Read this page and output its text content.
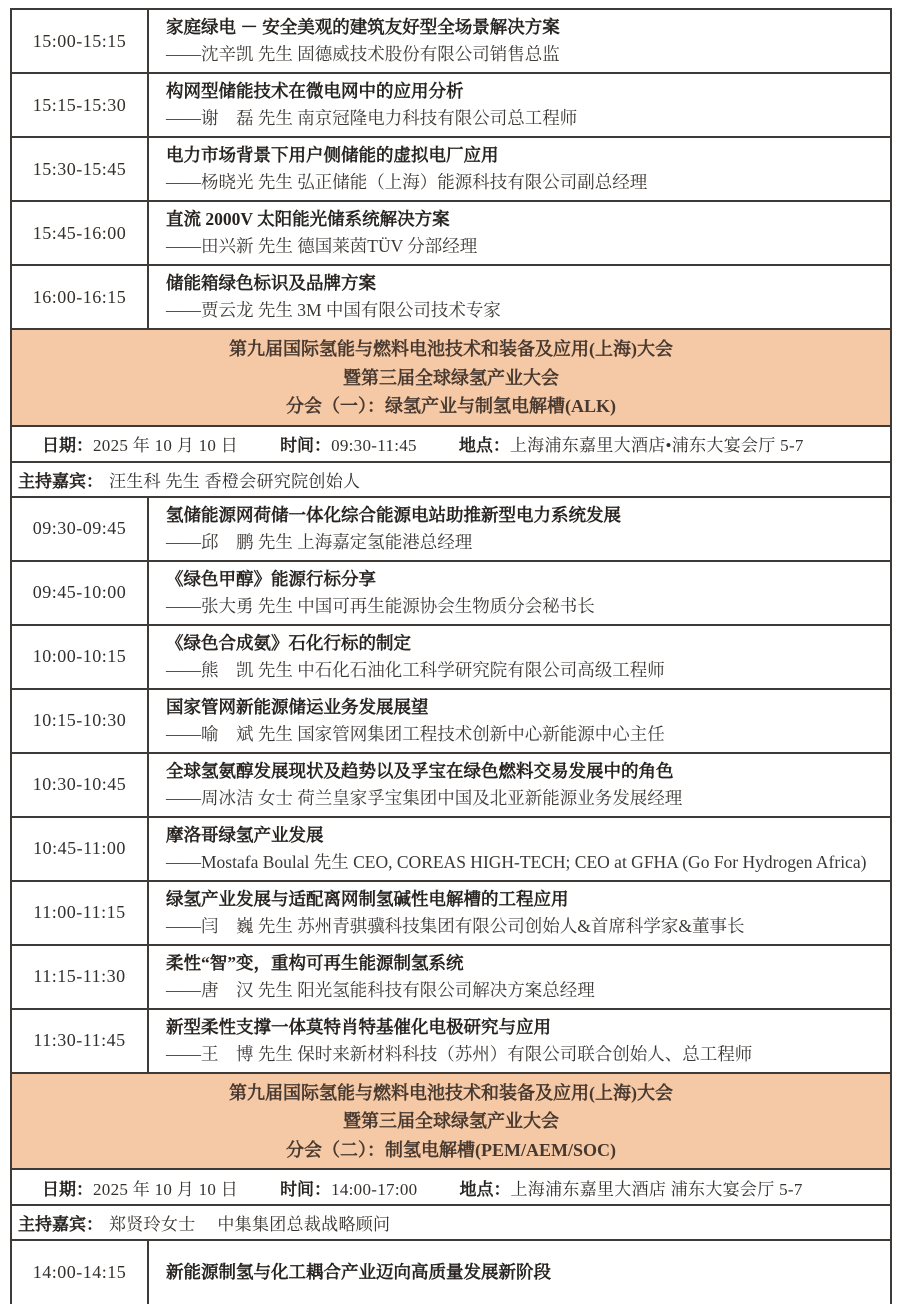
15:00-15:15
家庭绿电 － 安全美观的建筑友好型全场景解决方案
——沈辛凯 先生 固德威技术股份有限公司销售总监
15:15-15:30
构网型储能技术在微电网中的应用分析
——谢　磊 先生 南京冠隆电力科技有限公司总工程师
15:30-15:45
电力市场背景下用户侧储能的虚拟电厂应用
——杨晓光 先生 弘正储能（上海）能源科技有限公司副总经理
15:45-16:00
直流 2000V 太阳能光储系统解决方案
——田兴新 先生 德国莱茵TÜV 分部经理
16:00-16:15
储能箱绿色标识及品牌方案
——贾云龙 先生 3M 中国有限公司技术专家
第九届国际氢能与燃料电池技术和装备及应用(上海)大会
暨第三届全球绿氢产业大会
分会（一）：绿氢产业与制氢电解槽(ALK)
日期：2025 年 10 月 10 日 时间：09:30-11:45 地点：上海浦东嘉里大酒店•浦东大宴会厅 5-7
主持嘉宾： 汪生科 先生 香橙会研究院创始人
09:30-09:45
氢储能源网荷储一体化综合能源电站助推新型电力系统发展
——邱　鹏 先生 上海嘉定氢能港总经理
09:45-10:00
《绿色甲醇》能源行标分享
——张大勇 先生 中国可再生能源协会生物质分会秘书长
10:00-10:15
《绿色合成氨》石化行标的制定
——熊　凯 先生 中石化石油化工科学研究院有限公司高级工程师
10:15-10:30
国家管网新能源储运业务发展展望
——喻　斌 先生 国家管网集团工程技术创新中心新能源中心主任
10:30-10:45
全球氢氨醇发展现状及趋势以及孚宝在绿色燃料交易发展中的角色
——周冰洁 女士 荷兰皇家孚宝集团中国及北亚新能源业务发展经理
10:45-11:00
摩洛哥绿氢产业发展
——Mostafa Boulal 先生 CEO, COREAS HIGH-TECH; CEO at GFHA (Go For Hydrogen Africa)
11:00-11:15
绿氢产业发展与适配离网制氢碱性电解槽的工程应用
——闫　巍 先生 苏州青骐骥科技集团有限公司创始人&首席科学家&董事长
11:15-11:30
柔性“智”变，重构可再生能源制氢系统
——唐　汉 先生 阳光氢能科技有限公司解决方案总经理
11:30-11:45
新型柔性支撑一体莫特肖特基催化电极研究与应用
——王　博 先生 保时来新材料科技（苏州）有限公司联合创始人、总工程师
第九届国际氢能与燃料电池技术和装备及应用(上海)大会
暨第三届全球绿氢产业大会
分会（二）：制氢电解槽(PEM/AEM/SOC)
日期：2025 年 10 月 10 日 时间：14:00-17:00 地点：上海浦东嘉里大酒店 浦东大宴会厅 5-7
主持嘉宾： 郑贤玲女士　 中集集团总裁战略顾问
14:00-14:15	新能源制氢与化工耦合产业迈向高质量发展新阶段
